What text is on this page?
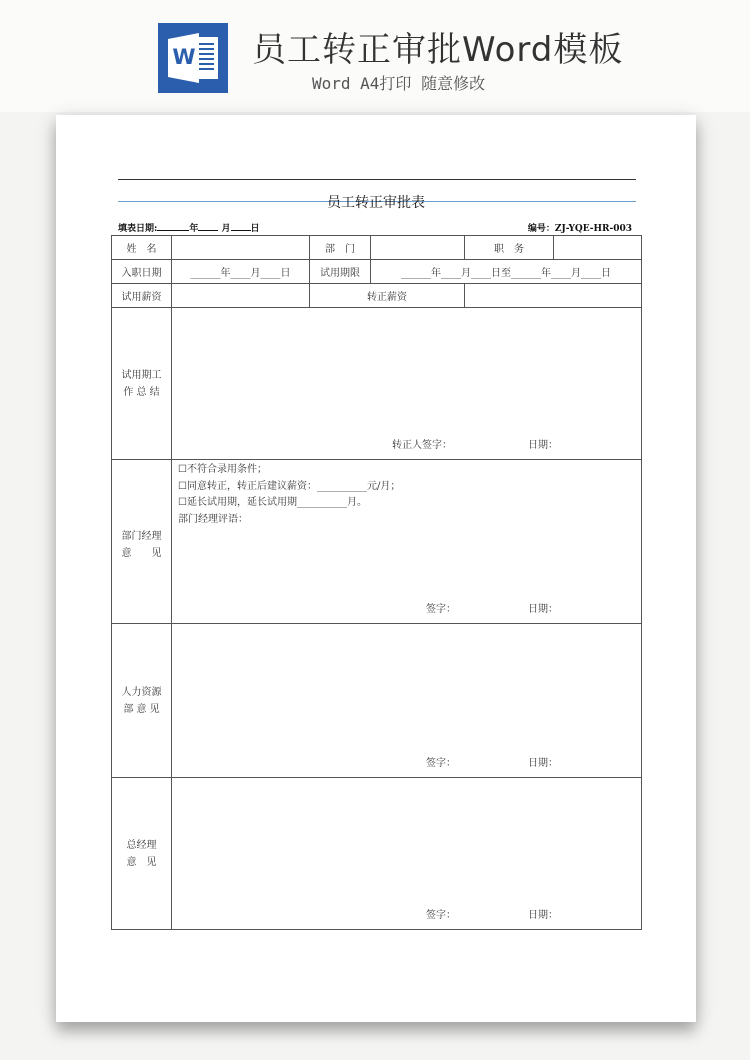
W 员工转正审批Word模板
Word A4打印 随意修改
员工转正审批表
填表日期:	年	月 日	编号：ZJ-YQE-HR-003
姓　名		部　门		职　务	
入职日期	______年____月____日	试用期限	______年____月____日至______年____月____日		
试用薪资		转正薪资			

试用期工
作 总 结

转正人签字：	日期：

部门经理
意　　见

☐不符合录用条件；
☐同意转正，转正后建议薪资：__________元/月；
☐延长试用期，延长试用期__________月。
部门经理评语：
签字：	日期：

人力资源
部 意 见

签字：	日期：

总经理
意　见

签字：	日期：
